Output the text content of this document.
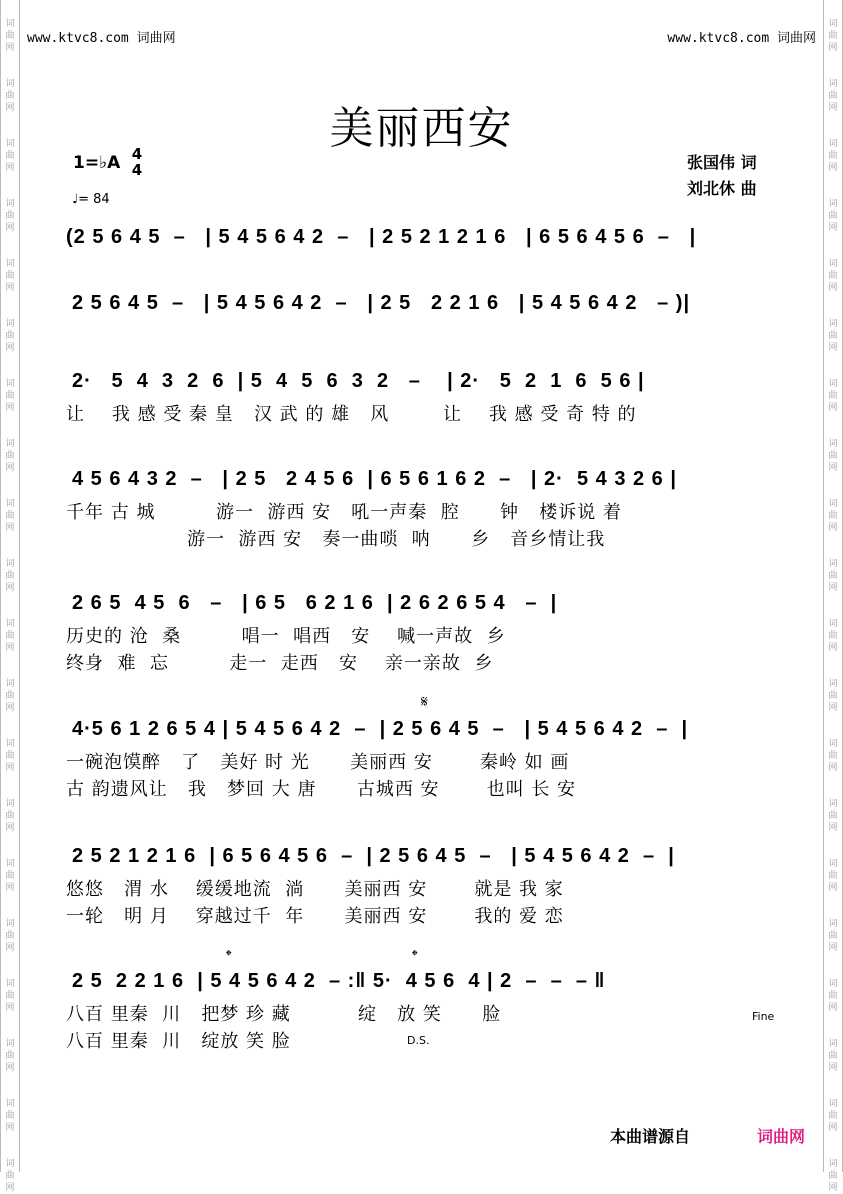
词
曲
网
词
曲
网
词
曲
网
词
曲
网
词
曲
网
词
曲
网
词
曲
网
词
曲
网
词
曲
网
词
曲
网
词
曲
网
词
曲
网
词
曲
网
词
曲
网
词
曲
网
词
曲
网
词
曲
网
词
曲
网
词
曲
网
词
曲
网
词
曲
网
词
曲
网
词
曲
网
词
曲
网
词
曲
网
词
曲
网
词
曲
网
词
曲
网
词
曲
网
词
曲
网
词
曲
网
词
曲
网
词
曲
网
词
曲
网
词
曲
网
词
曲
网
词
曲
网
词
曲
网
词
曲
网
词
曲
网
www.ktvc8.com 词曲网	www.ktvc8.com 词曲网
美丽西安
1=♭A 4
4
♩= 84
张国伟 词
刘北休 曲
(2 5 6 4 5  –   | 5 4 5 6 4 2  –   | 2 5 2 1 2 1 6   | 6 5 6 4 5 6  –   |
2 5 6 4 5  –   | 5 4 5 6 4 2  –   | 2 5   2 2 1 6   | 5 4 5 6 4 2   – )|
2·   5  4  3  2  6  | 5  4  5  6  3  2   –    | 2·   5  2  1  6  5 6 |
让    我 感 受 秦 皇   汉 武 的 雄   风        让    我 感 受 奇 特 的
4 5 6 4 3 2  –   | 2 5   2 4 5 6  | 6 5 6 1 6 2  –   | 2·  5 4 3 2 6 |
千年 古 城         游一  游西 安   吼一声秦  腔      钟   楼诉说 着
游一  游西 安   奏一曲唢  呐      乡   音乡情让我
2 6 5  4 5  6   –   | 6 5   6 2 1 6  | 2 6 2 6 5 4   –  |
历史的 沧  桑         唱一  唱西   安    喊一声故  乡
终身  难  忘         走一  走西   安    亲一亲故  乡
4·5 6 1 2 6 5 4 | 5 4 5 6 4 2  –  | 2 5 6 4 5  –   | 5 4 5 6 4 2  –  |
一碗泡馍醉   了   美好 时 光      美丽西 安       秦岭 如 画
古 韵遗风让   我   梦回 大 唐      古城西 安       也叫 长 安
2 5 2 1 2 1 6  | 6 5 6 4 5 6  –  | 2 5 6 4 5  –   | 5 4 5 6 4 2  –  |
悠悠   渭 水    缓缓地流  淌      美丽西 安       就是 我 家
一轮   明 月    穿越过千  年      美丽西 安       我的 爱 恋
2 5  2 2 1 6  | 5 4 5 6 4 2  – :‖ 5·  4 5 6  4 | 2  –  –  – ‖
八百 里秦  川   把梦 珍 藏          绽   放 笑      脸
八百 里秦  川   绽放 笑 脸	D.S.
Fine
𝄋
𝄌	𝄌
本曲谱源自	词曲网
